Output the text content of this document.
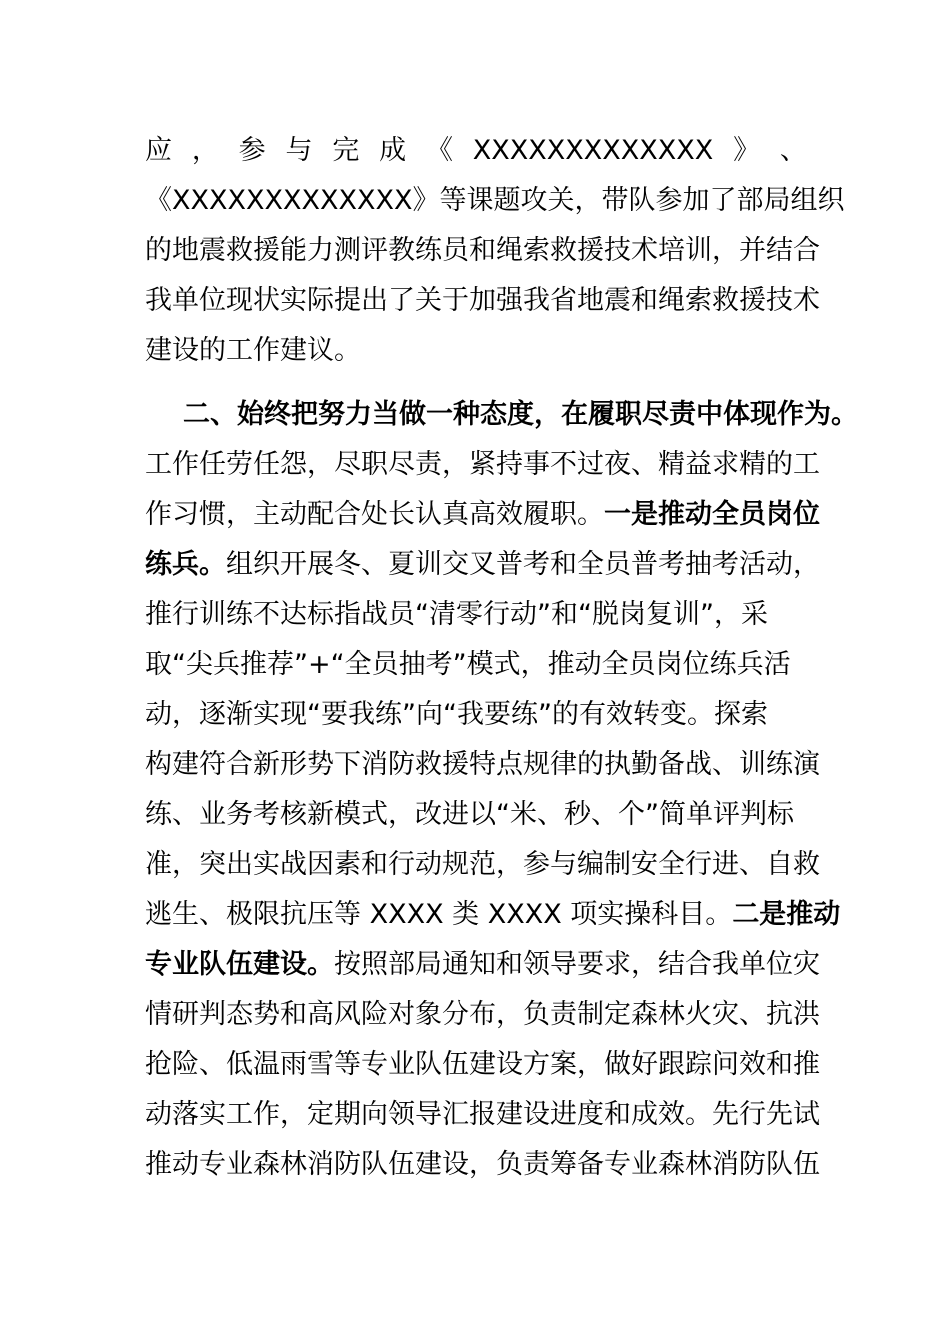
应 ， 参 与 完 成 《 XXXXXXXXXXXXX 》 、
《XXXXXXXXXXXXX》等课题攻关，带队参加了部局组织
的地震救援能力测评教练员和绳索救援技术培训，并结合
我单位现状实际提出了关于加强我省地震和绳索救援技术
建设的工作建议。
二、始终把努力当做一种态度，在履职尽责中体现作为。
工作任劳任怨，尽职尽责，紧持事不过夜、精益求精的工
作习惯，主动配合处长认真高效履职。一是推动全员岗位
练兵。组织开展冬、夏训交叉普考和全员普考抽考活动，
推行训练不达标指战员“清零行动”和“脱岗复训”，采
取“尖兵推荐”+“全员抽考”模式，推动全员岗位练兵活
动，逐渐实现“要我练”向“我要练”的有效转变。探索
构建符合新形势下消防救援特点规律的执勤备战、训练演
练、业务考核新模式，改进以“米、秒、个”简单评判标
准，突出实战因素和行动规范，参与编制安全行进、自救
逃生、极限抗压等 XXXX 类 XXXX 项实操科目。二是推动
专业队伍建设。按照部局通知和领导要求，结合我单位灾
情研判态势和高风险对象分布，负责制定森林火灾、抗洪
抢险、低温雨雪等专业队伍建设方案，做好跟踪问效和推
动落实工作，定期向领导汇报建设进度和成效。先行先试
推动专业森林消防队伍建设，负责筹备专业森林消防队伍
